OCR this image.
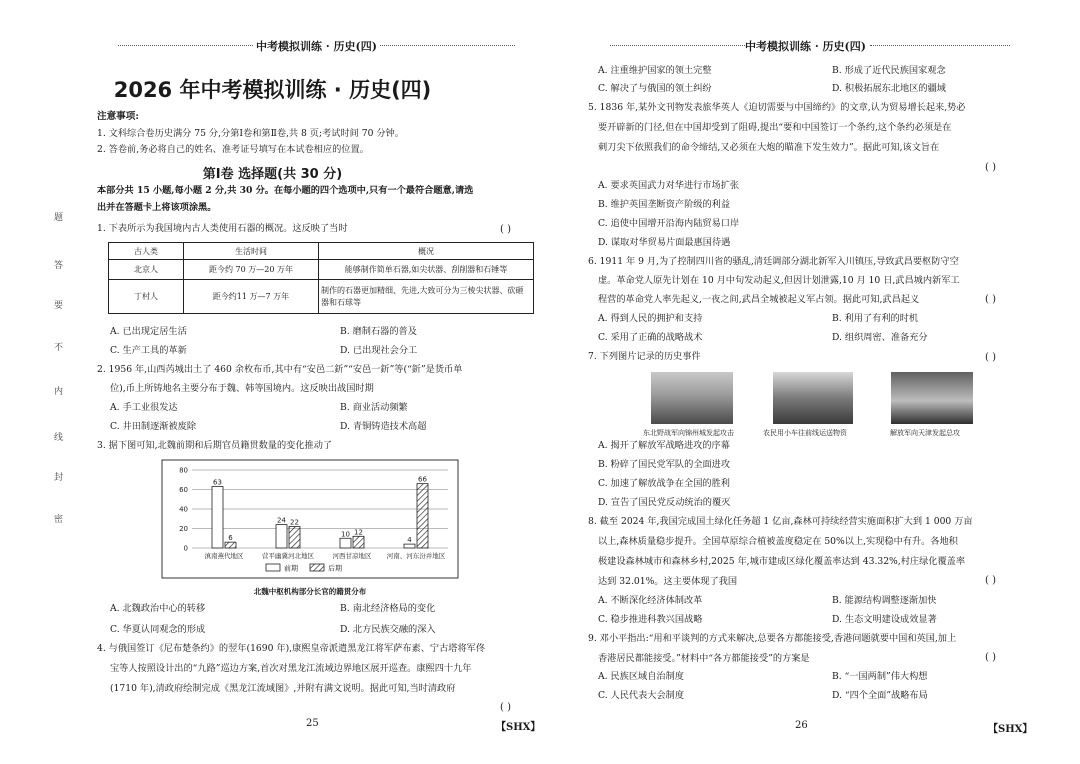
中考模拟训练 · 历史(四)
2026 年中考模拟训练 · 历史(四)
注意事项:
1. 文科综合卷历史满分 75 分,分第Ⅰ卷和第Ⅱ卷,共 8 页;考试时间 70 分钟。
2. 答卷前,务必将自己的姓名、准考证号填写在本试卷相应的位置。
第Ⅰ卷 选择题(共 30 分)
本部分共 15 小题,每小题 2 分,共 30 分。在每小题的四个选项中,只有一个最符合题意,请选
出并在答题卡上将该项涂黑。
题
答
要
不
内
线
封
密
1. 下表所示为我国境内古人类使用石器的概况。这反映了当时	( )
古人类	生活时间	概况
北京人	距今约 70 万—20 万年	能够制作简单石器,如尖状器、刮削器和石锤等
丁村人	距今约11 万—7 万年	制作的石器更加精细、先进,大致可分为三棱尖状器、砍砸器和石球等
A. 已出现定居生活	B. 磨制石器的普及
C. 生产工具的革新	D. 已出现社会分工
2. 1956 年,山西芮城出土了 460 余枚布币,其中有“安邑二釿”“安邑一釿”等(“釿”是货币单
位),币上所铸地名主要分布于魏、韩等国境内。这反映出战国时期
A. 手工业很发达	B. 商业活动频繁
C. 井田制逐渐被废除	D. 青铜铸造技术高超
3. 据下图可知,北魏前期和后期官员籍贯数量的变化推动了
0
20
40
60
80
63
6
滇南燕代地区
24 22
营平幽冀河北地区
10 12
河西甘凉地区
4
66
河南、河东汾并地区
前期	后期
北魏中枢机构部分长官的籍贯分布
A. 北魏政治中心的转移	B. 南北经济格局的变化
C. 华夏认同观念的形成	D. 北方民族交融的深入
4. 与俄国签订《尼布楚条约》的翌年(1690 年),康熙皇帝派遣黑龙江将军萨布素、宁古塔将军佟
宝等人按照设计出的“九路”巡边方案,首次对黑龙江流域边界地区展开巡查。康熙四十九年
(1710 年),清政府绘制完成《黑龙江流域图》,并附有满文说明。据此可知,当时清政府
( )
25	【SHX】
中考模拟训练 · 历史(四)
A. 注重维护国家的领土完整	B. 形成了近代民族国家观念
C. 解决了与俄国的领土纠纷	D. 积极拓展东北地区的疆域
5. 1836 年,某外文刊物发表旅华英人《迫切需要与中国缔约》的文章,认为贸易增长起来,势必
要开辟新的门径,但在中国却受到了阻碍,提出“要和中国签订一个条约,这个条约必须是在
刺刀尖下依照我们的命令缔结,又必须在大炮的瞄准下发生效力”。据此可知,该文旨在
( )
A. 要求英国武力对华进行市场扩张
B. 维护英国垄断资产阶级的利益
C. 追使中国增开沿海内陆贸易口岸
D. 谋取对华贸易片面最惠国待遇
6. 1911 年 9 月,为了控制四川省的骚乱,清廷调部分湖北新军入川镇压,导致武昌要枢防守空
虚。革命党人原先计划在 10 月中旬发动起义,但因计划泄露,10 月 10 日,武昌城内新军工
程营的革命党人率先起义,一夜之间,武昌全城被起义军占领。据此可知,武昌起义	( )
A. 得到人民的拥护和支持	B. 利用了有利的时机
C. 采用了正确的战略战术	D. 组织周密、准备充分
7. 下列图片记录的历史事件	( )
东北野战军向锦州城发起攻击	农民用小车往前线运送物资	解放军向天津发起总攻
A. 揭开了解放军战略进攻的序幕
B. 粉碎了国民党军队的全面进攻
C. 加速了解放战争在全国的胜利
D. 宣告了国民党反动统治的覆灭
8. 截至 2024 年,我国完成国土绿化任务超 1 亿亩,森林可持续经营实施面积扩大到 1 000 万亩
以上,森林质量稳步提升。全国草原综合植被盖度稳定在 50%以上,实现稳中有升。各地积
极建设森林城市和森林乡村,2025 年,城市建成区绿化覆盖率达到 43.32%,村庄绿化覆盖率
达到 32.01%。这主要体现了我国	( )
A. 不断深化经济体制改革	B. 能源结构调整逐渐加快
C. 稳步推进科教兴国战略	D. 生态文明建设成效显著
9. 邓小平指出:“用和平谈判的方式来解决,总要各方都能接受,香港问题就要中国和英国,加上
香港居民都能接受。”材料中“各方都能接受”的方案是	( )
A. 民族区域自治制度	B. “一国两制”伟大构想
C. 人民代表大会制度	D. “四个全面”战略布局
26	【SHX】
